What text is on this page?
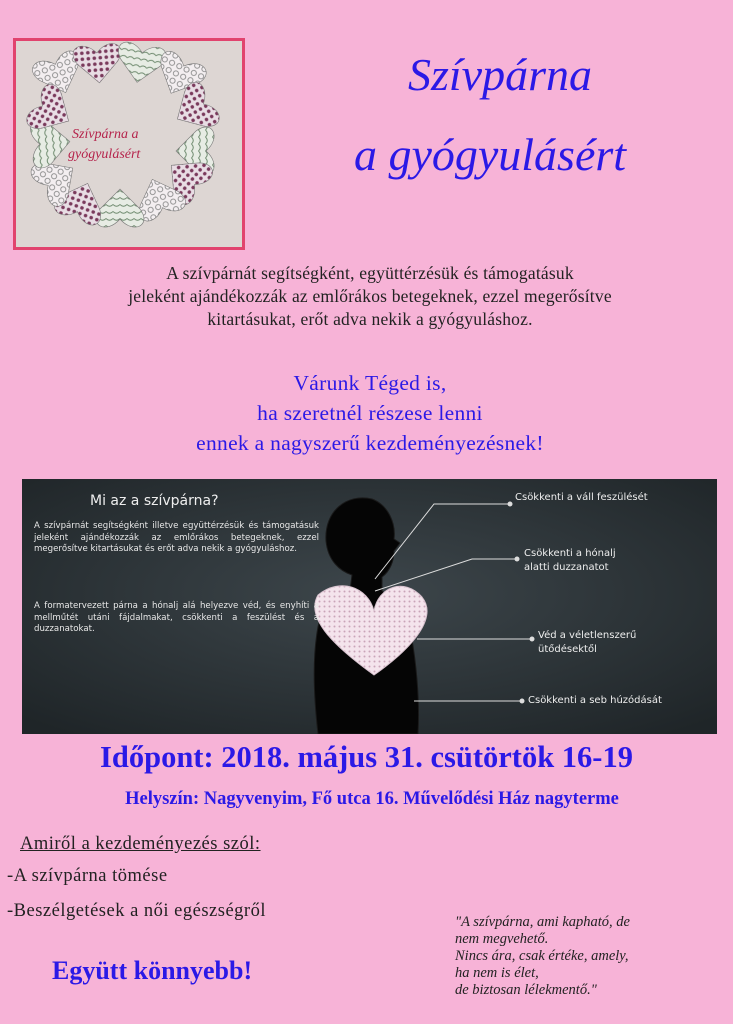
Szívpárna a
gyógyulásért
Szívpárna
a gyógyulásért
A szívpárnát segítségként, együttérzésük és támogatásuk
jeleként ajándékozzák az emlőrákos betegeknek, ezzel megerősítve
kitartásukat, erőt adva nekik a gyógyuláshoz.
Várunk Téged is,
ha szeretnél részese lenni
ennek a nagyszerű kezdeményezésnek!
Mi az a szívpárna?
A szívpárnát segítségként illetve együttérzésük és támogatásuk jeleként ajándékozzák az emlőrákos betegeknek, ezzel megerősítve kitartásukat és erőt adva nekik a gyógyuláshoz.
A formatervezett párna a hónalj alá helyezve véd, és enyhíti a mellműtét utáni fájdalmakat, csökkenti a feszülést és a duzzanatokat.
Csökkenti a váll feszülését
Csökkenti a hónalj
alatti duzzanatot
Véd a véletlenszerű
ütődésektől
Csökkenti a seb húzódását
Időpont: 2018. május 31. csütörtök 16-19
Helyszín: Nagyvenyim, Fő utca 16. Művelődési Ház nagyterme
Amiről a kezdeményezés szól:
-A szívpárna tömése
-Beszélgetések a női egészségről
Együtt könnyebb!
"A szívpárna, ami kapható, de
nem megvehető.
Nincs ára, csak értéke, amely,
ha nem is élet,
de biztosan lélekmentő."
